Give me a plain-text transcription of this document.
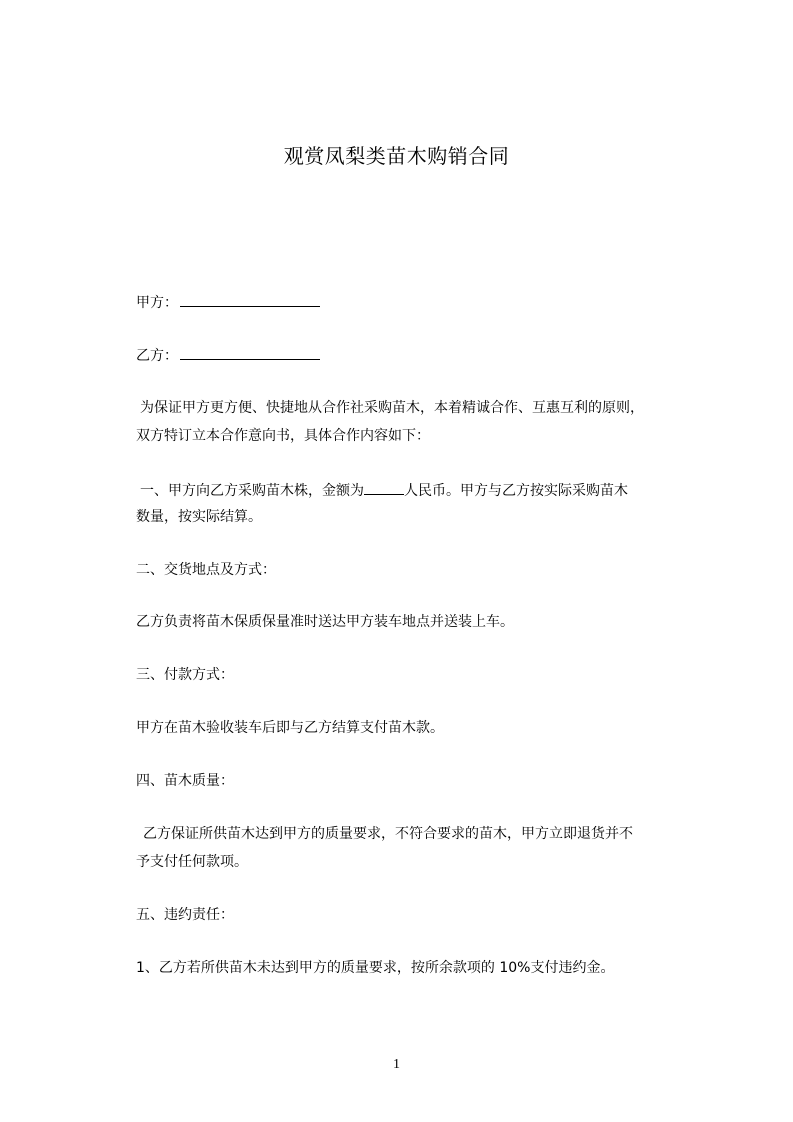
观赏凤梨类苗木购销合同
甲方：
乙方：
为保证甲方更方便、快捷地从合作社采购苗木，本着精诚合作、互惠互利的原则，
双方特订立本合作意向书，具体合作内容如下：
一、甲方向乙方采购苗木株，金额为	人民币。甲方与乙方按实际采购苗木
数量，按实际结算。
二、交货地点及方式：
乙方负责将苗木保质保量准时送达甲方装车地点并送装上车。
三、付款方式：
甲方在苗木验收装车后即与乙方结算支付苗木款。
四、苗木质量：
乙方保证所供苗木达到甲方的质量要求，不符合要求的苗木，甲方立即退货并不
予支付任何款项。
五、违约责任：
1、乙方若所供苗木未达到甲方的质量要求，按所余款项的 10%支付违约金。
1
